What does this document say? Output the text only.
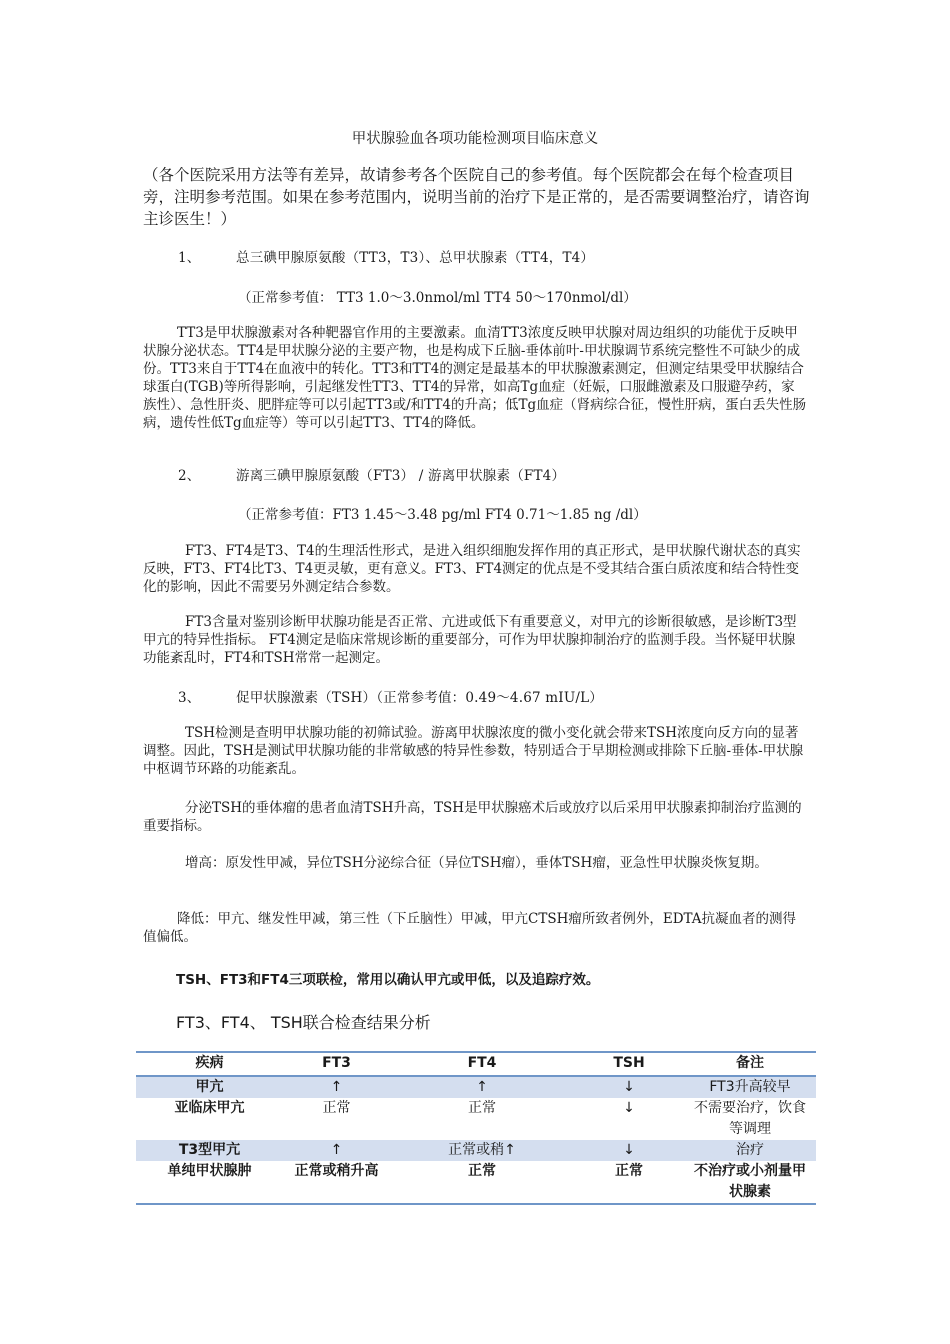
甲状腺验血各项功能检测项目临床意义

（各个医院采用方法等有差异，故请参考各个医院自己的参考值。每个医院都会在每个检查项目旁，注明参考范围。如果在参考范围内，说明当前的治疗下是正常的，是否需要调整治疗，请咨询主诊医生！）

1、	总三碘甲腺原氨酸（TT3，T3）、总甲状腺素（TT4，T4）

（正常参考值： TT3 1.0～3.0nmol/ml TT4 50～170nmol/dl）

TT3是甲状腺激素对各种靶器官作用的主要激素。血清TT3浓度反映甲状腺对周边组织的功能优于反映甲状腺分泌状态。TT4是甲状腺分泌的主要产物，也是构成下丘脑-垂体前叶-甲状腺调节系统完整性不可缺少的成份。TT3来自于TT4在血液中的转化。TT3和TT4的测定是最基本的甲状腺激素测定，但测定结果受甲状腺结合球蛋白(TGB)等所得影响，引起继发性TT3、TT4的异常，如高Tg血症（妊娠，口服雌激素及口服避孕药，家族性）、急性肝炎、肥胖症等可以引起TT3或/和TT4的升高；低Tg血症（肾病综合征，慢性肝病，蛋白丢失性肠病，遗传性低Tg血症等）等可以引起TT3、TT4的降低。

2、	游离三碘甲腺原氨酸（FT3） / 游离甲状腺素（FT4）

（正常参考值：FT3 1.45～3.48 pg/ml FT4 0.71～1.85 ng /dl）

FT3、FT4是T3、T4的生理活性形式，是进入组织细胞发挥作用的真正形式，是甲状腺代谢状态的真实反映，FT3、FT4比T3、T4更灵敏，更有意义。FT3、FT4测定的优点是不受其结合蛋白质浓度和结合特性变化的影响，因此不需要另外测定结合参数。

FT3含量对鉴别诊断甲状腺功能是否正常、亢进或低下有重要意义，对甲亢的诊断很敏感，是诊断T3型甲亢的特异性指标。 FT4测定是临床常规诊断的重要部分，可作为甲状腺抑制治疗的监测手段。当怀疑甲状腺功能紊乱时，FT4和TSH常常一起测定。

3、	促甲状腺激素（TSH）（正常参考值：0.49～4.67 mIU/L）

TSH检测是查明甲状腺功能的初筛试验。游离甲状腺浓度的微小变化就会带来TSH浓度向反方向的显著调整。因此，TSH是测试甲状腺功能的非常敏感的特异性参数，特别适合于早期检测或排除下丘脑-垂体-甲状腺中枢调节环路的功能紊乱。

分泌TSH的垂体瘤的患者血清TSH升高，TSH是甲状腺癌术后或放疗以后采用甲状腺素抑制治疗监测的重要指标。

增高：原发性甲减，异位TSH分泌综合征（异位TSH瘤），垂体TSH瘤，亚急性甲状腺炎恢复期。

降低：甲亢、继发性甲减，第三性（下丘脑性）甲减，甲亢CTSH瘤所致者例外，EDTA抗凝血者的测得值偏低。

TSH、FT3和FT4三项联检，常用以确认甲亢或甲低，以及追踪疗效。

FT3、FT4、 TSH联合检查结果分析

疾病	FT3	FT4	TSH	备注
甲亢	↑	↑	↓	FT3升高较早
亚临床甲亢	正常	正常	↓	不需要治疗，饮食等调理
T3型甲亢	↑	正常或稍↑	↓	治疗
单纯甲状腺肿	正常或稍升高	正常	正常	不治疗或小剂量甲状腺素
